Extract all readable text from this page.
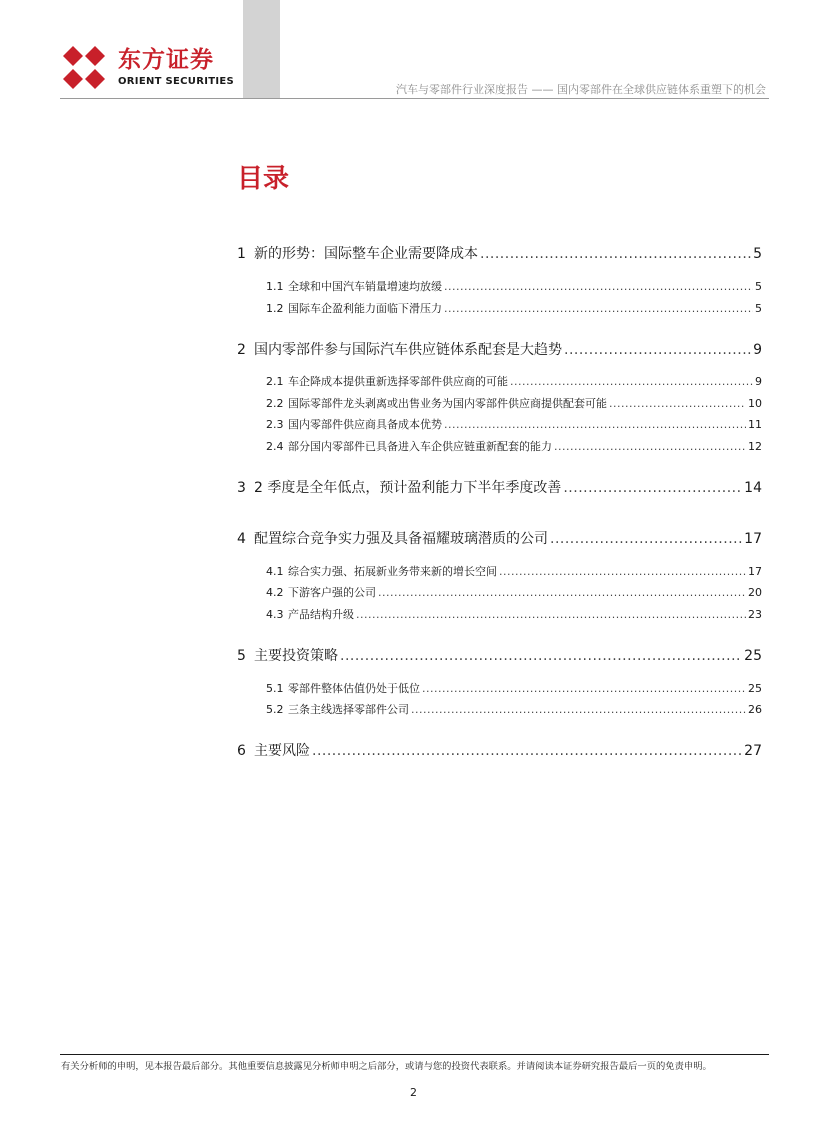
东方证券
ORIENT SECURITIES
汽车与零部件行业深度报告 —— 国内零部件在全球供应链体系重塑下的机会
目录
1 新的形势：国际整车企业需要降成本 .....	5
1.1 全球和中国汽车销量增速均放缓 .....	5
1.2 国际车企盈利能力面临下滑压力 .....	5
2 国内零部件参与国际汽车供应链体系配套是大趋势 .....	9
2.1 车企降成本提供重新选择零部件供应商的可能 .....	9
2.2 国际零部件龙头剥离或出售业务为国内零部件供应商提供配套可能 .....	10
2.3 国内零部件供应商具备成本优势 .....	11
2.4 部分国内零部件已具备进入车企供应链重新配套的能力 .....	12
3 2 季度是全年低点，预计盈利能力下半年季度改善 .....	14
4 配置综合竞争实力强及具备福耀玻璃潜质的公司 .....	17
4.1 综合实力强、拓展新业务带来新的增长空间 .....	17
4.2 下游客户强的公司 .....	20
4.3 产品结构升级 .....	23
5 主要投资策略 .....	25
5.1 零部件整体估值仍处于低位 .....	25
5.2 三条主线选择零部件公司 .....	26
6 主要风险 .....	27
有关分析师的申明，见本报告最后部分。其他重要信息披露见分析师申明之后部分，或请与您的投资代表联系。并请阅读本证券研究报告最后一页的免责申明。
2
